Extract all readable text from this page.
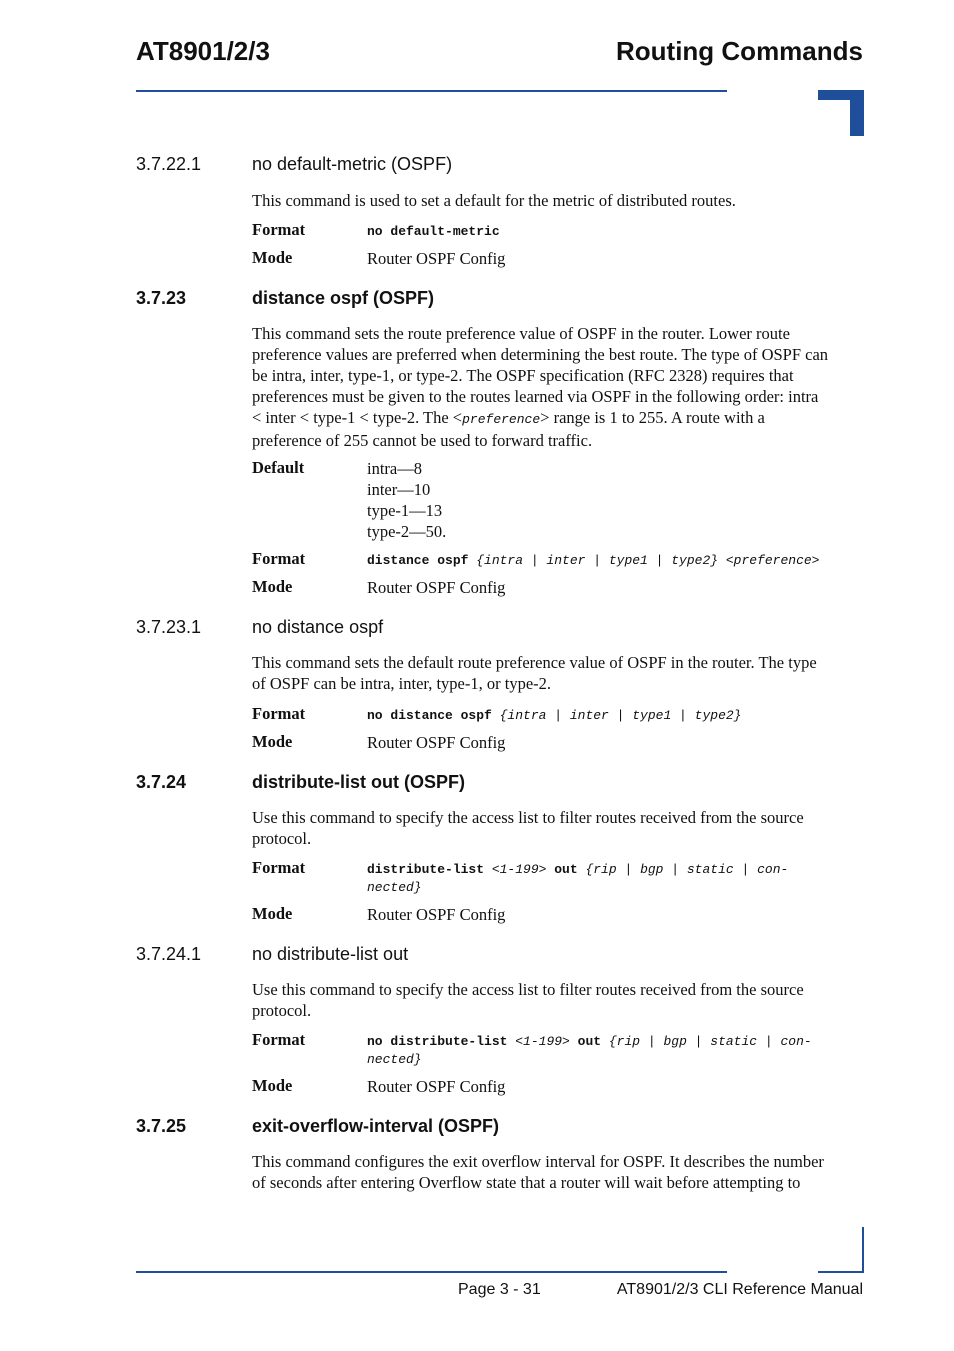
AT8901/2/3	Routing Commands
3.7.22.1	no default-metric (OSPF)
This command is used to set a default for the metric of distributed routes.
Format	no default-metric
Mode	Router OSPF Config
3.7.23	distance ospf (OSPF)
This command sets the route preference value of OSPF in the router. Lower route
preference values are preferred when determining the best route. The type of OSPF can
be intra, inter, type-1, or type-2. The OSPF specification (RFC 2328) requires that
preferences must be given to the routes learned via OSPF in the following order: intra
< inter < type-1 < type-2. The <preference> range is 1 to 255. A route with a
preference of 255 cannot be used to forward traffic.
Default	intra—8
inter—10
type-1—13
type-2—50.
Format	distance ospf {intra | inter | type1 | type2} <preference>
Mode	Router OSPF Config
3.7.23.1	no distance ospf
This command sets the default route preference value of OSPF in the router. The type
of OSPF can be intra, inter, type-1, or type-2.
Format	no distance ospf {intra | inter | type1 | type2}
Mode	Router OSPF Config
3.7.24	distribute-list out (OSPF)
Use this command to specify the access list to filter routes received from the source
protocol.
Format	distribute-list <1-199> out {rip | bgp | static | con-
nected}
Mode	Router OSPF Config
3.7.24.1	no distribute-list out
Use this command to specify the access list to filter routes received from the source
protocol.
Format	no distribute-list <1-199> out {rip | bgp | static | con-
nected}
Mode	Router OSPF Config
3.7.25	exit-overflow-interval (OSPF)
This command configures the exit overflow interval for OSPF. It describes the number
of seconds after entering Overflow state that a router will wait before attempting to
Page 3 - 31	AT8901/2/3 CLI Reference Manual
